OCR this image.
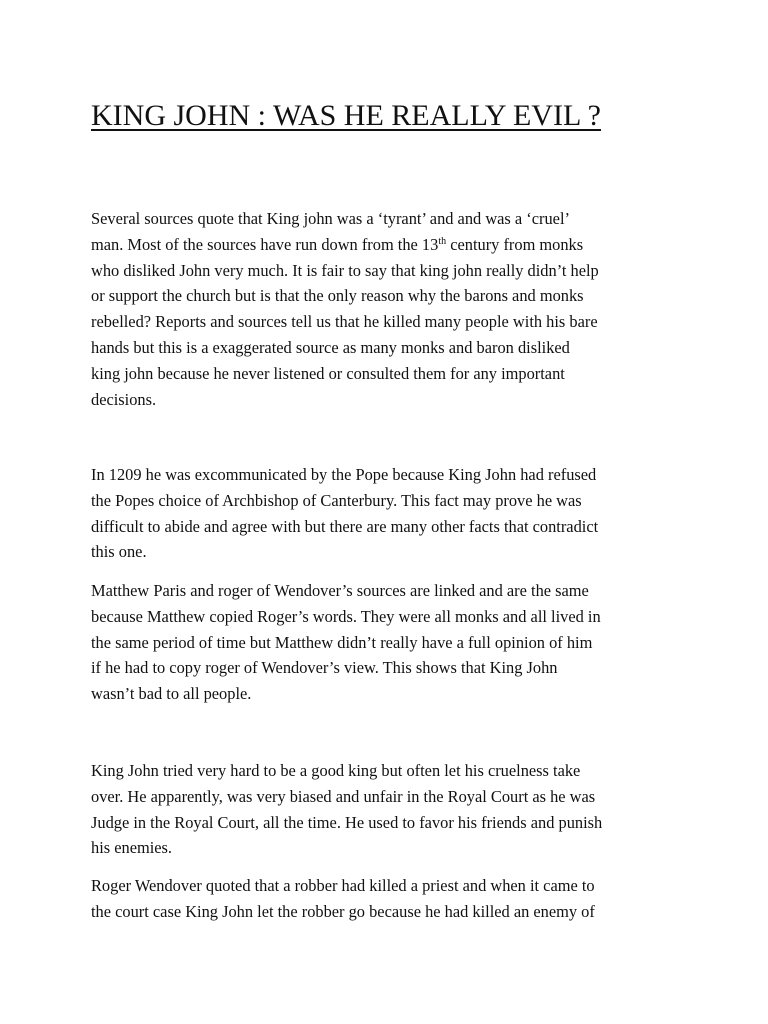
KING JOHN : WAS HE REALLY EVIL ?

Several sources quote that King john was a ‘tyrant’ and and was a ‘cruel’
man. Most of the sources have run down from the 13th century from monks
who disliked John very much. It is fair to say that king john really didn’t help
or support the church but is that the only reason why the barons and monks
rebelled? Reports and sources tell us that he killed many people with his bare
hands but this is a exaggerated source as many monks and baron disliked
king john because he never listened or consulted them for any important
decisions.

In 1209 he was excommunicated by the Pope because King John had refused
the Popes choice of Archbishop of Canterbury. This fact may prove he was
difficult to abide and agree with but there are many other facts that contradict
this one.

Matthew Paris and roger of Wendover’s sources are linked and are the same
because Matthew copied Roger’s words. They were all monks and all lived in
the same period of time but Matthew didn’t really have a full opinion of him
if he had to copy roger of Wendover’s view. This shows that King John
wasn’t bad to all people.

King John tried very hard to be a good king but often let his cruelness take
over. He apparently, was very biased and unfair in the Royal Court as he was
Judge in the Royal Court, all the time. He used to favor his friends and punish
his enemies.

Roger Wendover quoted that a robber had killed a priest and when it came to
the court case King John let the robber go because he had killed an enemy of
